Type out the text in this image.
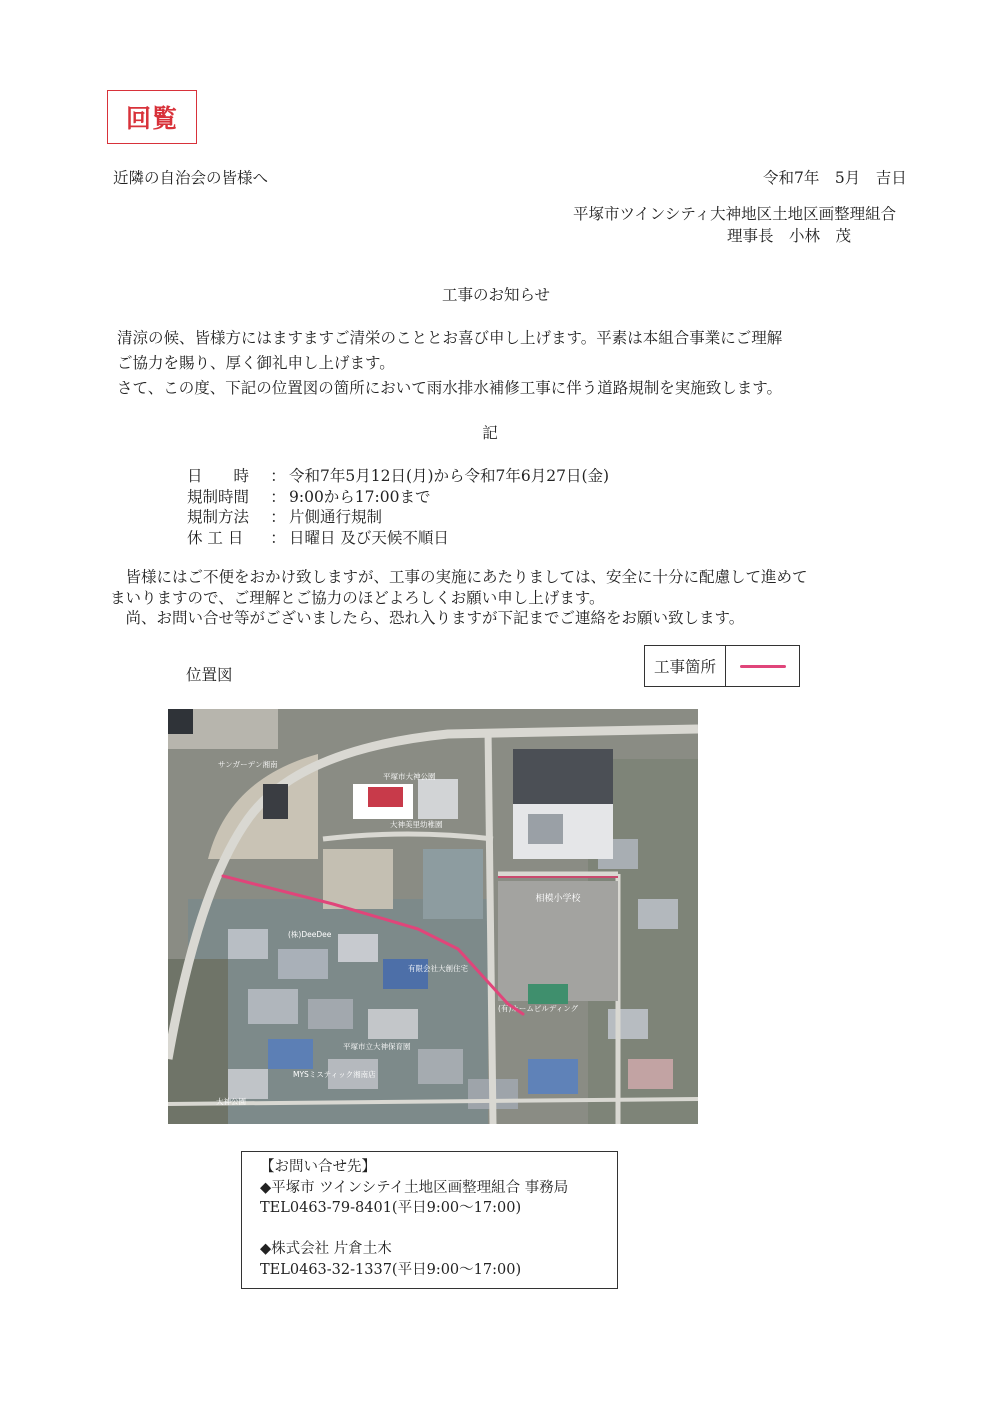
回覧
近隣の自治会の皆様へ	令和7年　5月　吉日
平塚市ツインシティ大神地区土地区画整理組合
理事長　小林　茂
工事のお知らせ
清涼の候、皆様方にはますますご清栄のこととお喜び申し上げます。平素は本組合事業にご理解
ご協力を賜り、厚く御礼申し上げます。
さて、この度、下記の位置図の箇所において雨水排水補修工事に伴う道路規制を実施致します。
記
日　　時	： 令和7年5月12日(月)から令和7年6月27日(金)
規制時間	： 9:00から17:00まで
規制方法	： 片側通行規制
休 工 日	： 日曜日 及び天候不順日
　皆様にはご不便をおかけ致しますが、工事の実施にあたりましては、安全に十分に配慮して進めて
まいりますので、ご理解とご協力のほどよろしくお願い申し上げます。
　尚、お問い合せ等がございましたら、恐れ入りますが下記までご連絡をお願い致します。
位置図	工事箇所
相模小学校
平塚市大神公園
大神美里幼稚園
サンガーデン湘南
(株)DeeDee
有限会社大創住宅
(有)ホームビルディング
平塚市立大神保育園
MYSミスティック湘南店
大神公園
【お問い合せ先】
◆平塚市 ツインシテイ土地区画整理組合 事務局
TEL0463-79-8401(平日9:00～17:00)
◆株式会社 片倉土木
TEL0463-32-1337(平日9:00～17:00)
